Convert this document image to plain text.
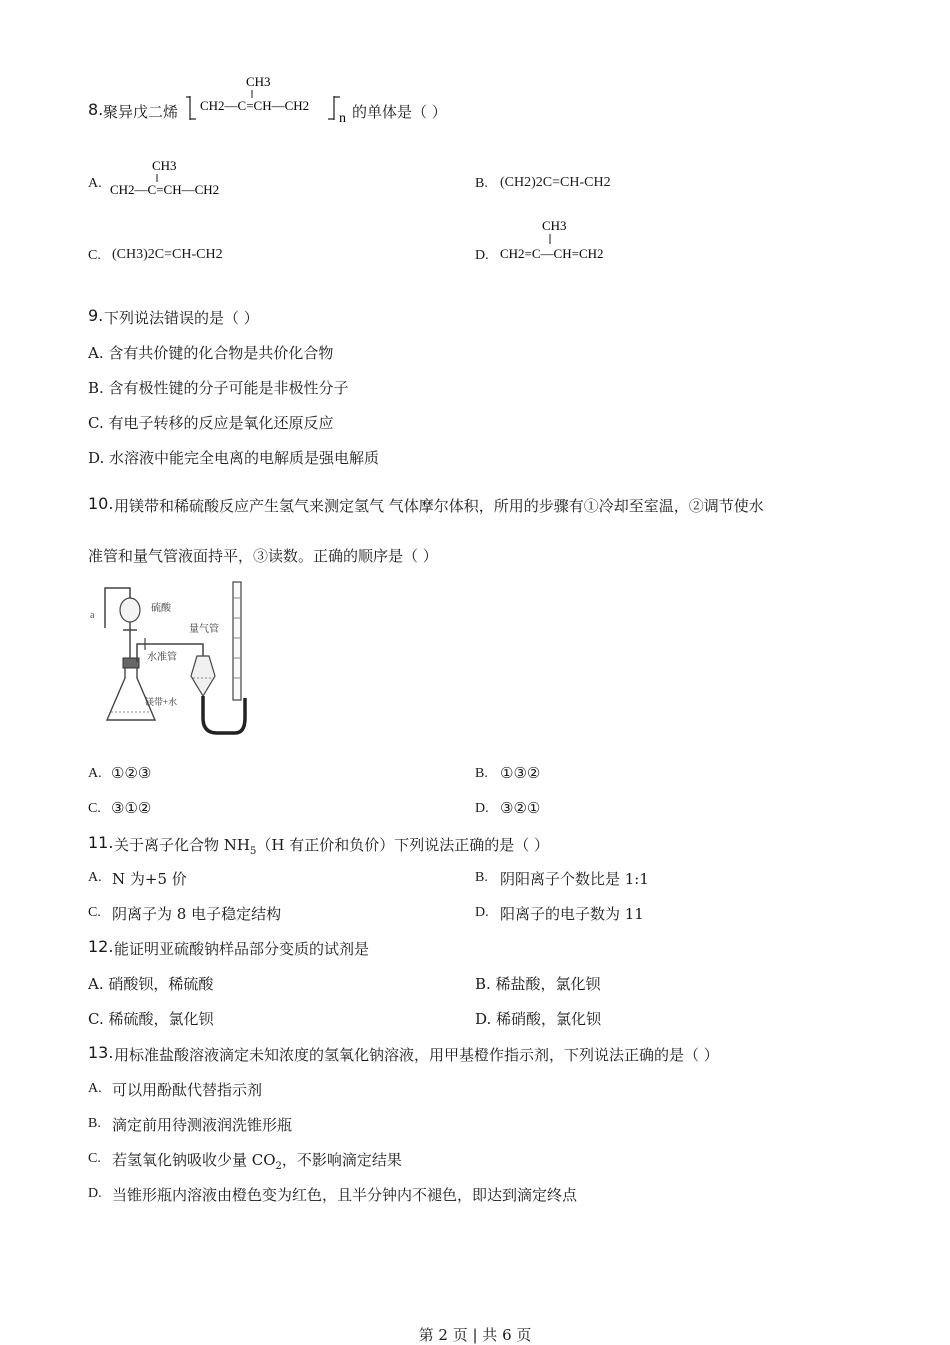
8. 聚异戊二烯
CH3
CH2—C=CH—CH2
n 的单体是（ ）
A.
CH3
CH2—C=CH—CH2	B. (CH2)2C=CH-CH2
C. (CH3)2C=CH-CH2	D.
CH3
CH2=C—CH=CH2
9. 下列说法错误的是（ ）
A. 含有共价键的化合物是共价化合物
B. 含有极性键的分子可能是非极性分子
C. 有电子转移的反应是氧化还原反应
D. 水溶液中能完全电离的电解质是强电解质
10. 用镁带和稀硫酸反应产生氢气来测定氢气 气体摩尔体积，所用的步骤有①冷却至室温，②调节使水
准管和量气管液面持平，③读数。正确的顺序是（ ）
a
硫酸
镁带+水
水准管
量气管
A. ①②③	B. ①③②
C. ③①②	D. ③②①
11. 关于离子化合物 $NH_5(H$ 有正价和负价）下列说法正确的是（ ）
A. N 为+5 价	B. 阴阳离子个数比是 1:1
C. 阴离子为 8 电子稳定结构	D. 阳离子的电子数为 11
12. 能证明亚硫酸钠样品部分变质的试剂是
A. 硝酸钡，稀硫酸	B. 稀盐酸，氯化钡
C. 稀硫酸，氯化钡	D. 稀硝酸，氯化钡
13. 用标准盐酸溶液滴定未知浓度的氢氧化钠溶液，用甲基橙作指示剂，下列说法正确的是（ ）
A. 可以用酚酞代替指示剂
B. 滴定前用待测液润洗锥形瓶
C. 若氢氧化钠吸收少量 $CO_2$，不影响滴定结果
D. 当锥形瓶内溶液由橙色变为红色，且半分钟内不褪色，即达到滴定终点
第 2 页 | 共 6 页
